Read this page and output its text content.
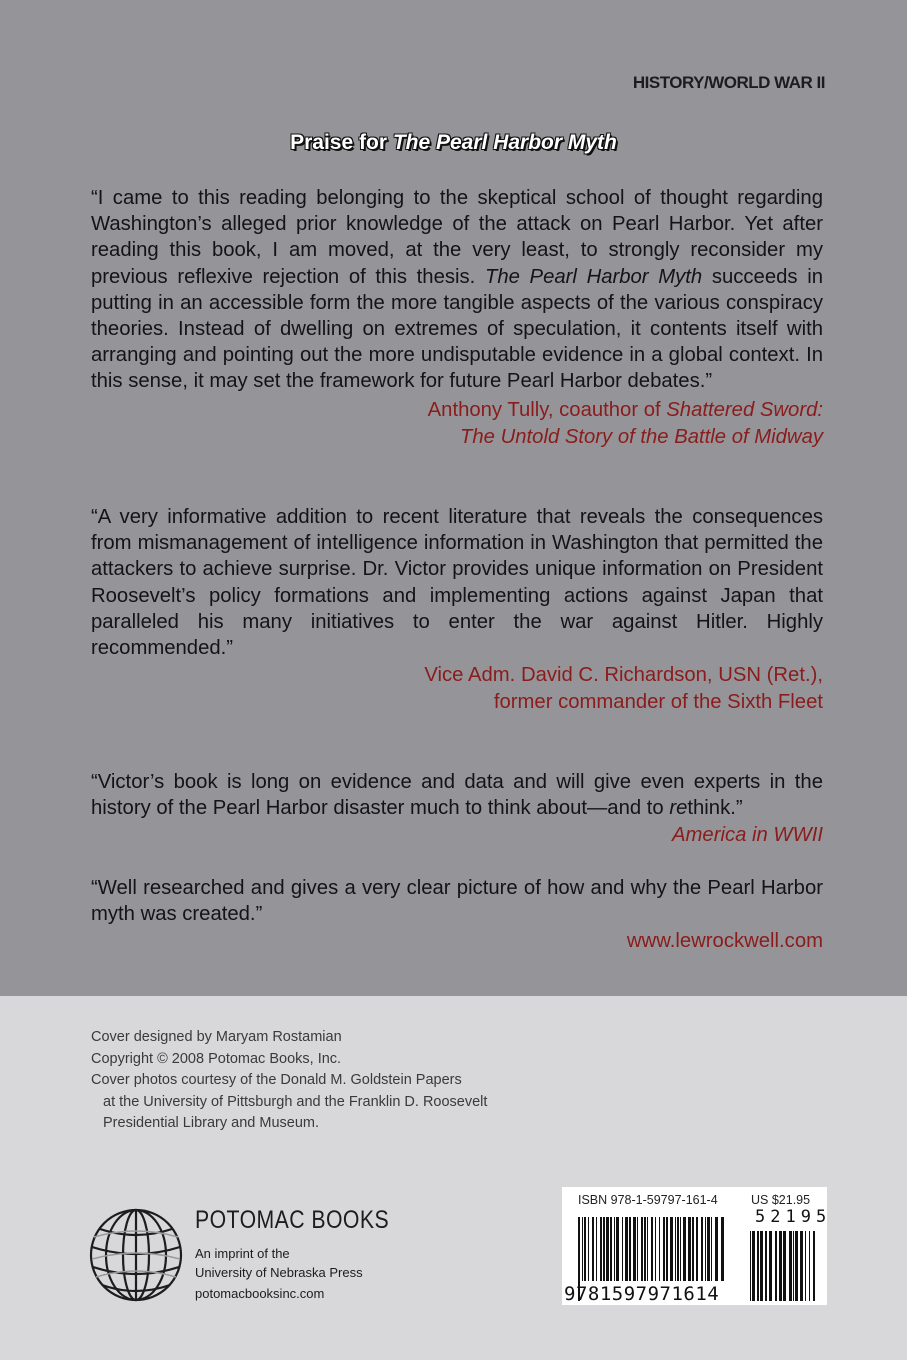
HISTORY/WORLD WAR II
Praise for The Pearl Harbor Myth
“I came to this reading belonging to the skeptical school of thought regarding Washington’s alleged prior knowledge of the attack on Pearl Harbor. Yet after reading this book, I am moved, at the very least, to strongly reconsider my previous reflexive rejection of this thesis. The Pearl Harbor Myth succeeds in putting in an accessible form the more tangible aspects of the various conspiracy theories. Instead of dwelling on extremes of speculation, it contents itself with arranging and pointing out the more undisputable evidence in a global context. In this sense, it may set the framework for future Pearl Harbor debates.”
Anthony Tully, coauthor of Shattered Sword:
The Untold Story of the Battle of Midway
“A very informative addition to recent literature that reveals the consequences from mismanagement of intelligence information in Washington that permitted the attackers to achieve surprise. Dr. Victor provides unique information on President Roosevelt’s policy formations and implementing actions against Japan that paralleled his many initiatives to enter the war against Hitler. Highly recommended.”
Vice Adm. David C. Richardson, USN (Ret.),
former commander of the Sixth Fleet
“Victor’s book is long on evidence and data and will give even experts in the history of the Pearl Harbor disaster much to think about—and to rethink.”
America in WWII
“Well researched and gives a very clear picture of how and why the Pearl Harbor myth was created.”
www.lewrockwell.com
Cover designed by Maryam Rostamian
Copyright © 2008 Potomac Books, Inc.
Cover photos courtesy of the Donald M. Goldstein Papers
at the University of Pittsburgh and the Franklin D. Roosevelt
Presidential Library and Museum.
POTOMAC BOOKS
An imprint of the
University of Nebraska Press
potomacbooksinc.com
ISBN 978-1-59797-161-4	US $21.95
52195
9781597971614
